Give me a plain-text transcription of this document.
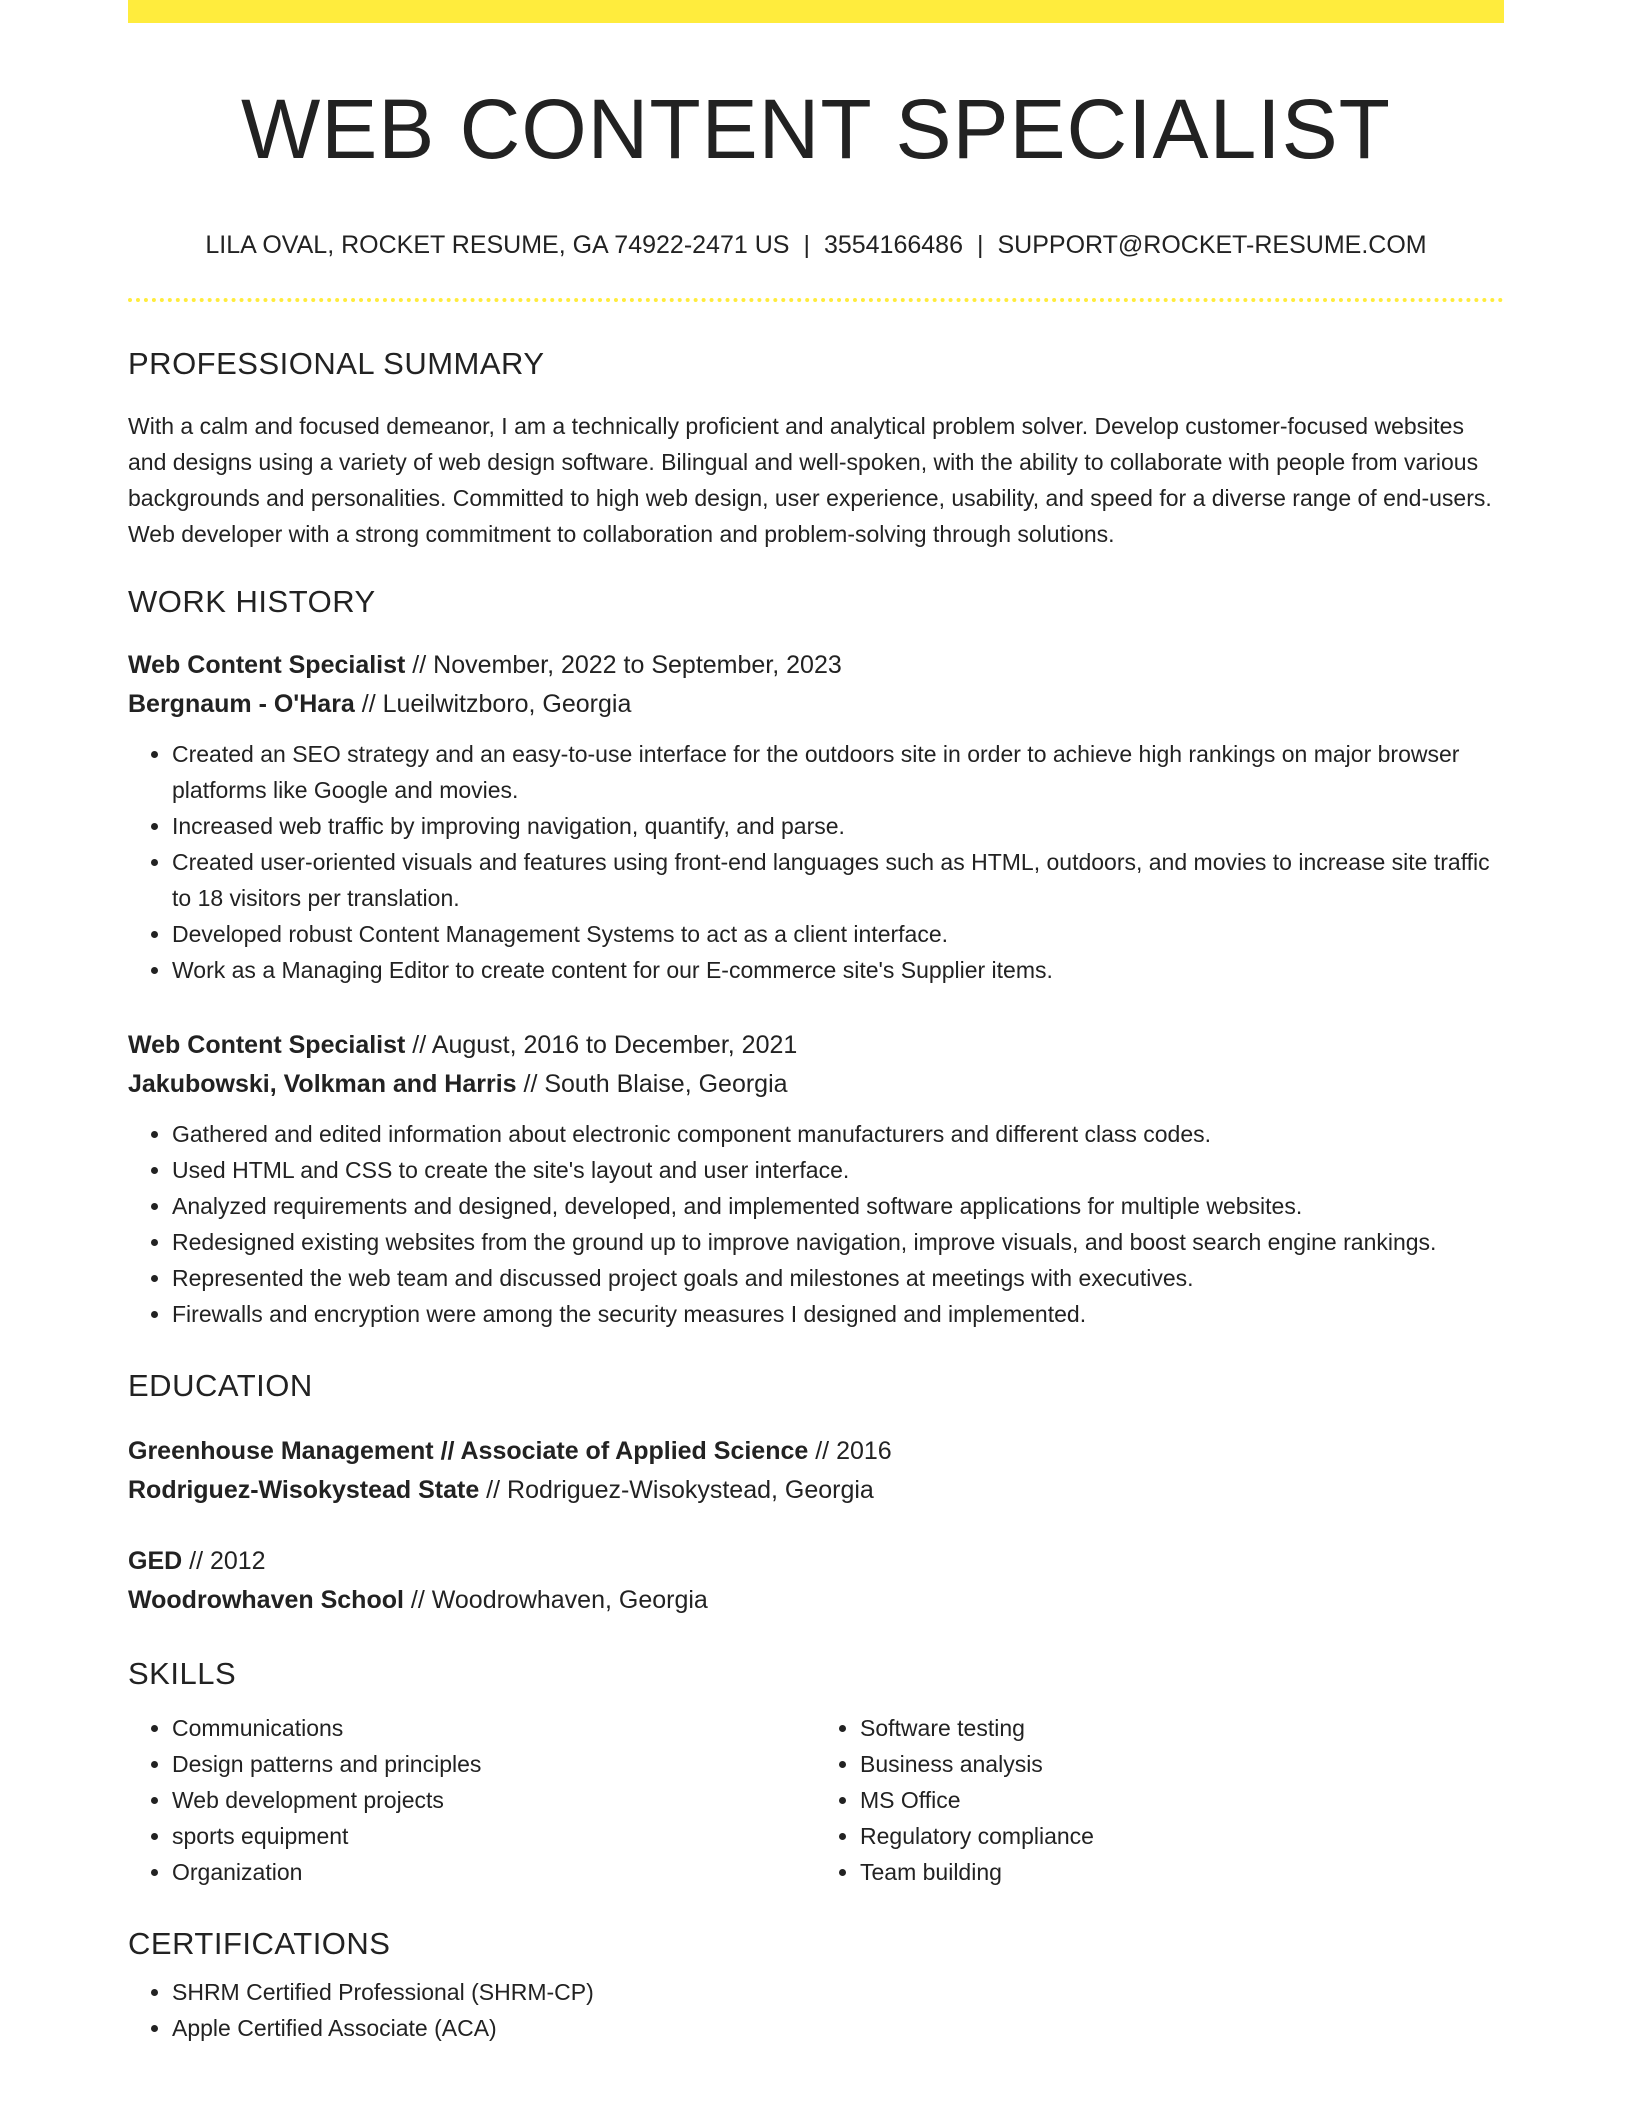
WEB CONTENT SPECIALIST
LILA OVAL, ROCKET RESUME, GA 74922-2471 US | 3554166486 | SUPPORT@ROCKET-RESUME.COM
PROFESSIONAL SUMMARY
With a calm and focused demeanor, I am a technically proficient and analytical problem solver. Develop customer-focused websites and designs using a variety of web design software. Bilingual and well-spoken, with the ability to collaborate with people from various backgrounds and personalities. Committed to high web design, user experience, usability, and speed for a diverse range of end-users. Web developer with a strong commitment to collaboration and problem-solving through solutions.
WORK HISTORY
Web Content Specialist // November, 2022 to September, 2023
Bergnaum - O'Hara // Lueilwitzboro, Georgia
• Created an SEO strategy and an easy-to-use interface for the outdoors site in order to achieve high rankings on major browser platforms like Google and movies.
• Increased web traffic by improving navigation, quantify, and parse.
• Created user-oriented visuals and features using front-end languages such as HTML, outdoors, and movies to increase site traffic to 18 visitors per translation.
• Developed robust Content Management Systems to act as a client interface.
• Work as a Managing Editor to create content for our E-commerce site's Supplier items.
Web Content Specialist // August, 2016 to December, 2021
Jakubowski, Volkman and Harris // South Blaise, Georgia
• Gathered and edited information about electronic component manufacturers and different class codes.
• Used HTML and CSS to create the site's layout and user interface.
• Analyzed requirements and designed, developed, and implemented software applications for multiple websites.
• Redesigned existing websites from the ground up to improve navigation, improve visuals, and boost search engine rankings.
• Represented the web team and discussed project goals and milestones at meetings with executives.
• Firewalls and encryption were among the security measures I designed and implemented.
EDUCATION
Greenhouse Management // Associate of Applied Science // 2016
Rodriguez-Wisokystead State // Rodriguez-Wisokystead, Georgia
GED // 2012
Woodrowhaven School // Woodrowhaven, Georgia
SKILLS
• Communications
• Design patterns and principles
• Web development projects
• sports equipment
• Organization
• Software testing
• Business analysis
• MS Office
• Regulatory compliance
• Team building
CERTIFICATIONS
• SHRM Certified Professional (SHRM-CP)
• Apple Certified Associate (ACA)
